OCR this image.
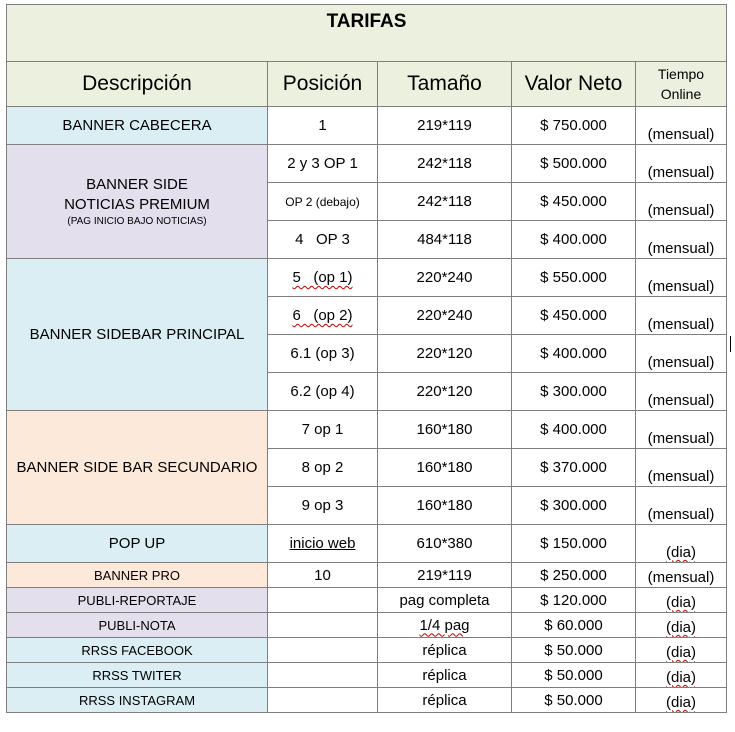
TARIFAS				
Descripción	Posición	Tamaño	Valor Neto	Tiempo
Online
BANNER CABECERA	1	219*119	$ 750.000	(mensual)
BANNER SIDE
NOTICIAS PREMIUM
(PAG INICIO BAJO NOTICIAS)	2 y 3 OP 1	242*118	$ 500.000	(mensual)
	OP 2 (debajo)	242*118	$ 450.000	(mensual)
	4   OP 3	484*118	$ 400.000	(mensual)
BANNER SIDEBAR PRINCIPAL	5   (op 1)	220*240	$ 550.000	(mensual)
	6   (op 2)	220*240	$ 450.000	(mensual)
	6.1 (op 3)	220*120	$ 400.000	(mensual)
	6.2 (op 4)	220*120	$ 300.000	(mensual)
BANNER SIDE BAR SECUNDARIO	7 op 1	160*180	$ 400.000	(mensual)
	8 op 2	160*180	$ 370.000	(mensual)
	9 op 3	160*180	$ 300.000	(mensual)
POP UP	inicio web	610*380	$ 150.000	(dia)
BANNER PRO	10	219*119	$ 250.000	(mensual)
PUBLI-REPORTAJE		pag completa	$ 120.000	(dia)
PUBLI-NOTA		1/4 pag	$ 60.000	(dia)
RRSS FACEBOOK		réplica	$ 50.000	(dia)
RRSS TWITER		réplica	$ 50.000	(dia)
RRSS INSTAGRAM		réplica	$ 50.000	(dia)
